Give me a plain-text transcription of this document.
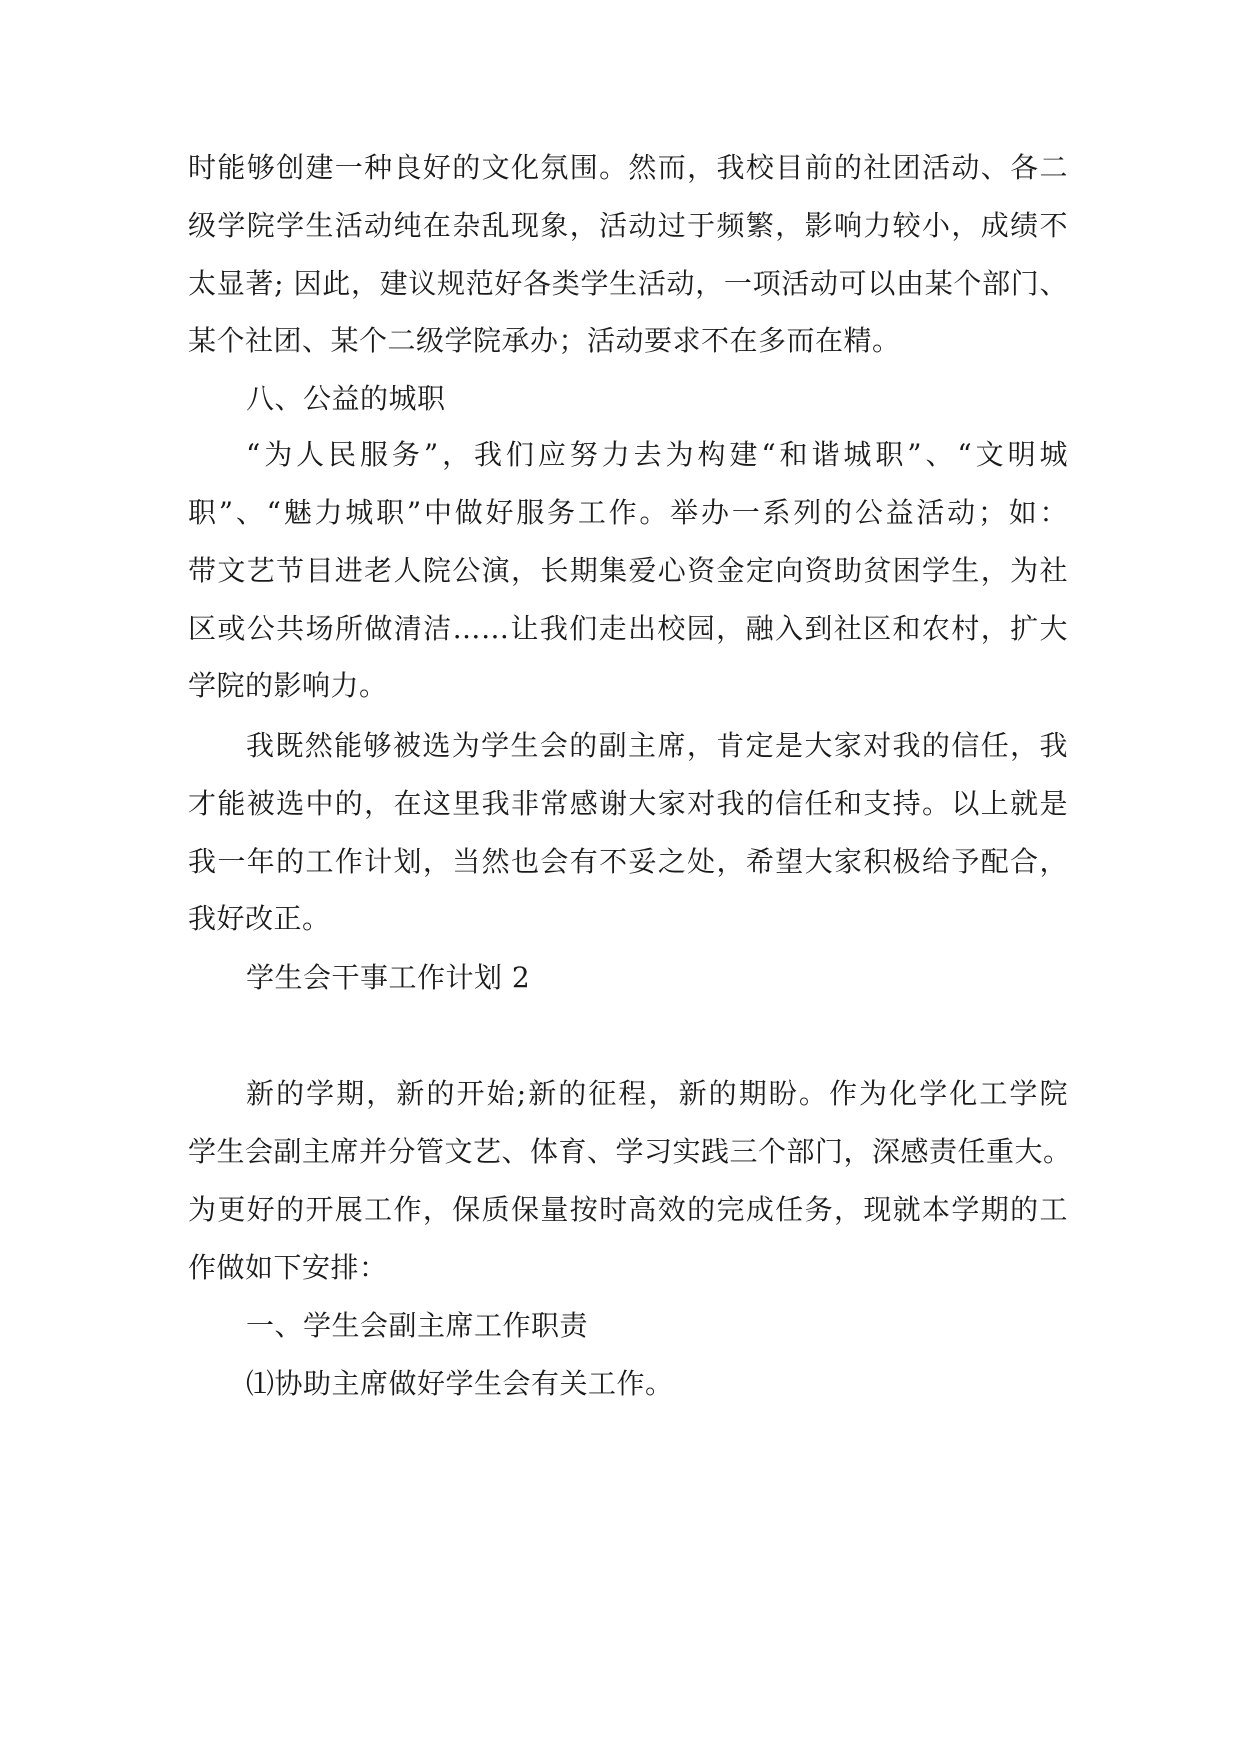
时能够创建一种良好的文化氛围。然而，我校目前的社团活动、各二

级学院学生活动纯在杂乱现象，活动过于频繁，影响力较小，成绩不

太显著; 因此，建议规范好各类学生活动，一项活动可以由某个部门、

某个社团、某个二级学院承办；活动要求不在多而在精。

八、公益的城职

“为人民服务”，我们应努力去为构建“和谐城职”、“文明城

职”、“魅力城职”中做好服务工作。举办一系列的公益活动；如：

带文艺节目进老人院公演，长期集爱心资金定向资助贫困学生，为社

区或公共场所做清洁……让我们走出校园，融入到社区和农村，扩大

学院的影响力。

我既然能够被选为学生会的副主席，肯定是大家对我的信任，我

才能被选中的，在这里我非常感谢大家对我的信任和支持。以上就是

我一年的工作计划，当然也会有不妥之处，希望大家积极给予配合，

我好改正。

学生会干事工作计划 2

新的学期，新的开始;新的征程，新的期盼。作为化学化工学院

学生会副主席并分管文艺、体育、学习实践三个部门，深感责任重大。

为更好的开展工作，保质保量按时高效的完成任务，现就本学期的工

作做如下安排：

一、学生会副主席工作职责

⑴协助主席做好学生会有关工作。
